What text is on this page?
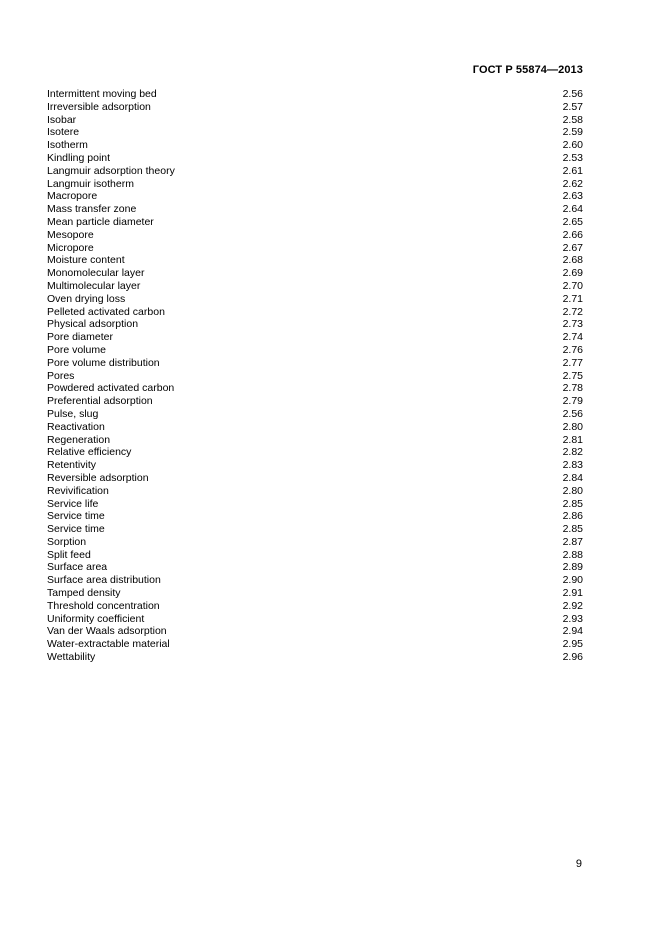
ГОСТ Р 55874—2013
Intermittent moving bed	2.56
Irreversible adsorption	2.57
Isobar	2.58
Isotere	2.59
Isotherm	2.60
Kindling point	2.53
Langmuir adsorption theory	2.61
Langmuir isotherm	2.62
Macropore	2.63
Mass transfer zone	2.64
Mean particle diameter	2.65
Mesopore	2.66
Micropore	2.67
Moisture content	2.68
Monomolecular layer	2.69
Multimolecular layer	2.70
Oven drying loss	2.71
Pelleted activated carbon	2.72
Physical adsorption	2.73
Pore diameter	2.74
Pore volume	2.76
Pore volume distribution	2.77
Pores	2.75
Powdered activated carbon	2.78
Preferential adsorption	2.79
Pulse, slug	2.56
Reactivation	2.80
Regeneration	2.81
Relative efficiency	2.82
Retentivity	2.83
Reversible adsorption	2.84
Revivification	2.80
Service life	2.85
Service time	2.86
Service time	2.85
Sorption	2.87
Split feed	2.88
Surface area	2.89
Surface area distribution	2.90
Tamped density	2.91
Threshold concentration	2.92
Uniformity coefficient	2.93
Van der Waals adsorption	2.94
Water-extractable material	2.95
Wettability	2.96
9
